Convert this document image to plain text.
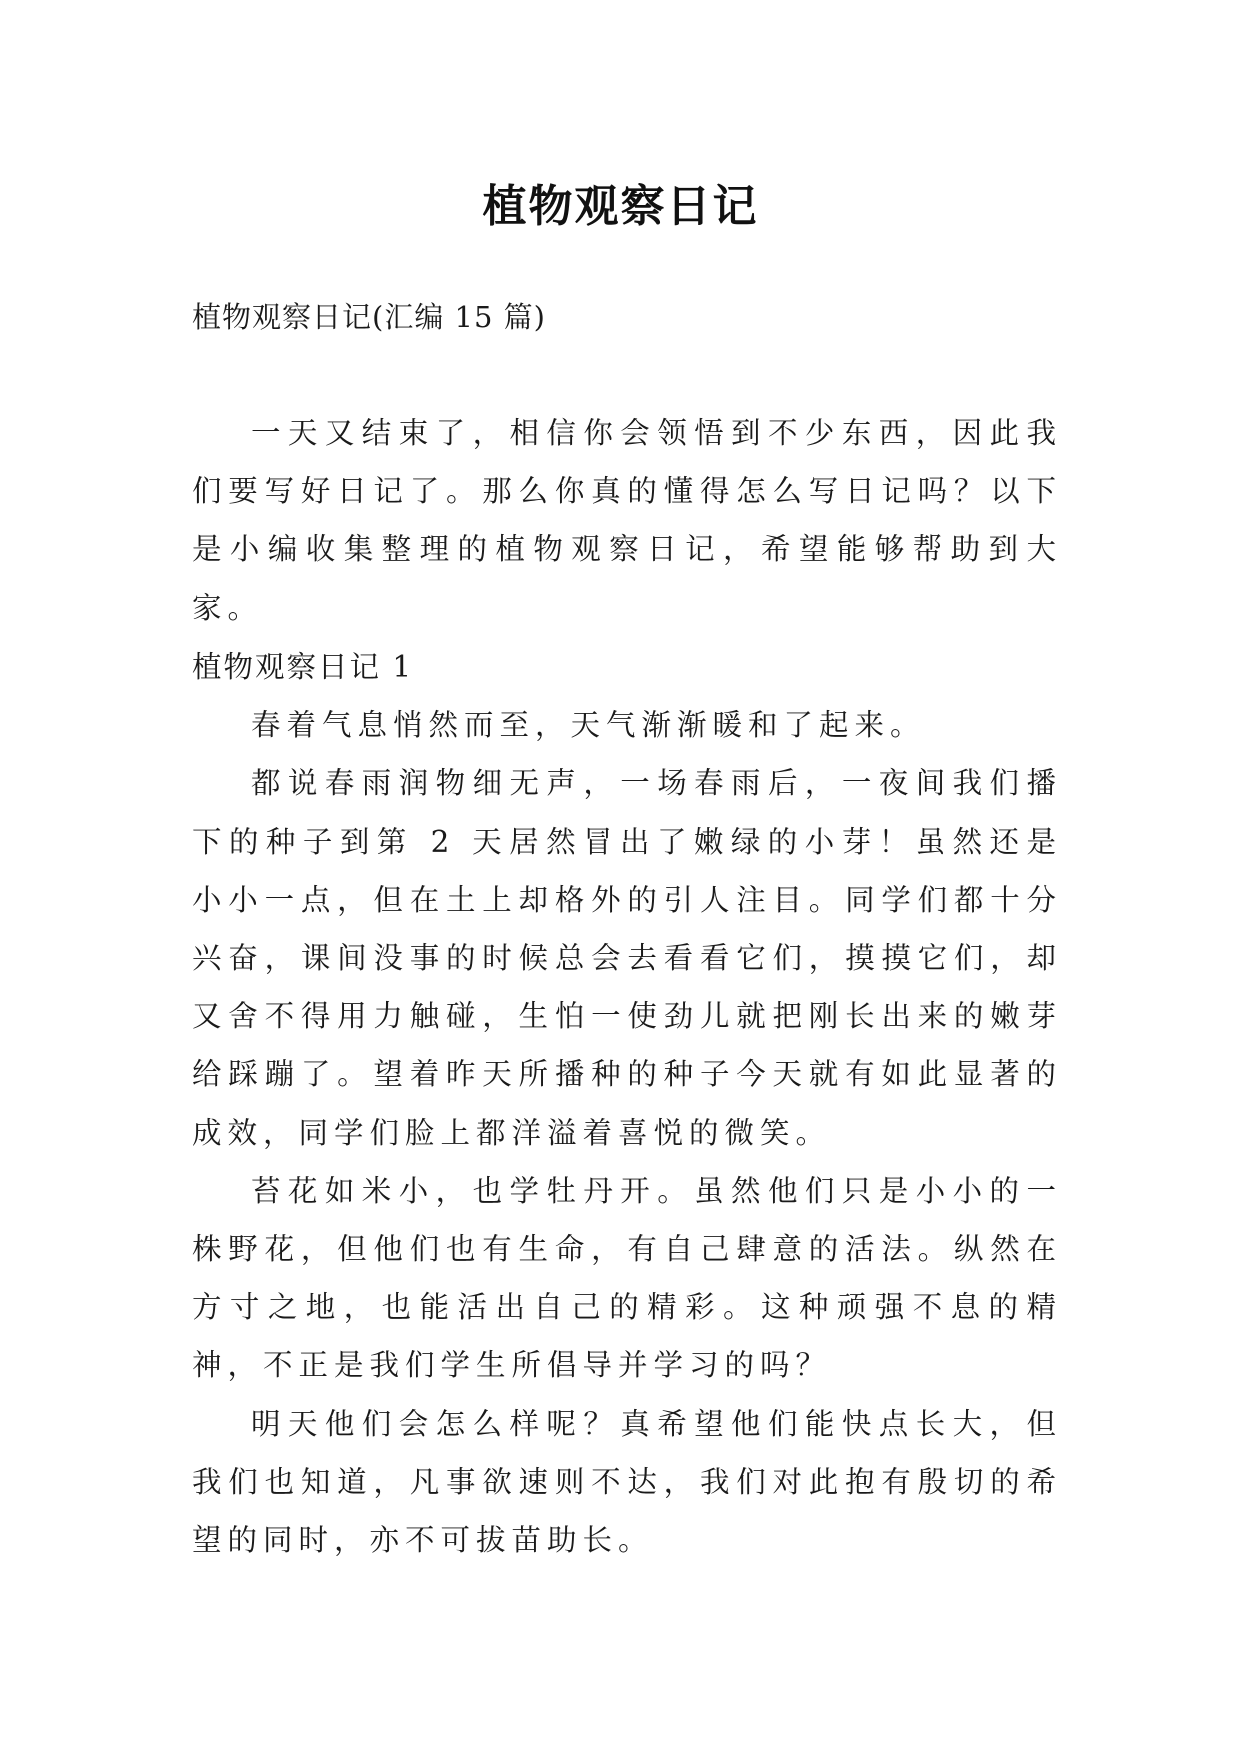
植物观察日记
植物观察日记(汇编 15 篇)

一天又结束了，相信你会领悟到不少东西，因此我们要写好日记了。那么你真的懂得怎么写日记吗？以下是小编收集整理的植物观察日记，希望能够帮助到大家。

植物观察日记 1

春着气息悄然而至，天气渐渐暖和了起来。

都说春雨润物细无声，一场春雨后，一夜间我们播下的种子到第 2 天居然冒出了嫩绿的小芽！虽然还是小小一点，但在土上却格外的引人注目。同学们都十分兴奋，课间没事的时候总会去看看它们，摸摸它们，却又舍不得用力触碰，生怕一使劲儿就把刚长出来的嫩芽给踩蹦了。望着昨天所播种的种子今天就有如此显著的成效，同学们脸上都洋溢着喜悦的微笑。

苔花如米小，也学牡丹开。虽然他们只是小小的一株野花，但他们也有生命，有自己肆意的活法。纵然在方寸之地，也能活出自己的精彩。这种顽强不息的精神，不正是我们学生所倡导并学习的吗？

明天他们会怎么样呢？真希望他们能快点长大，但我们也知道，凡事欲速则不达，我们对此抱有殷切的希望的同时，亦不可拔苗助长。
